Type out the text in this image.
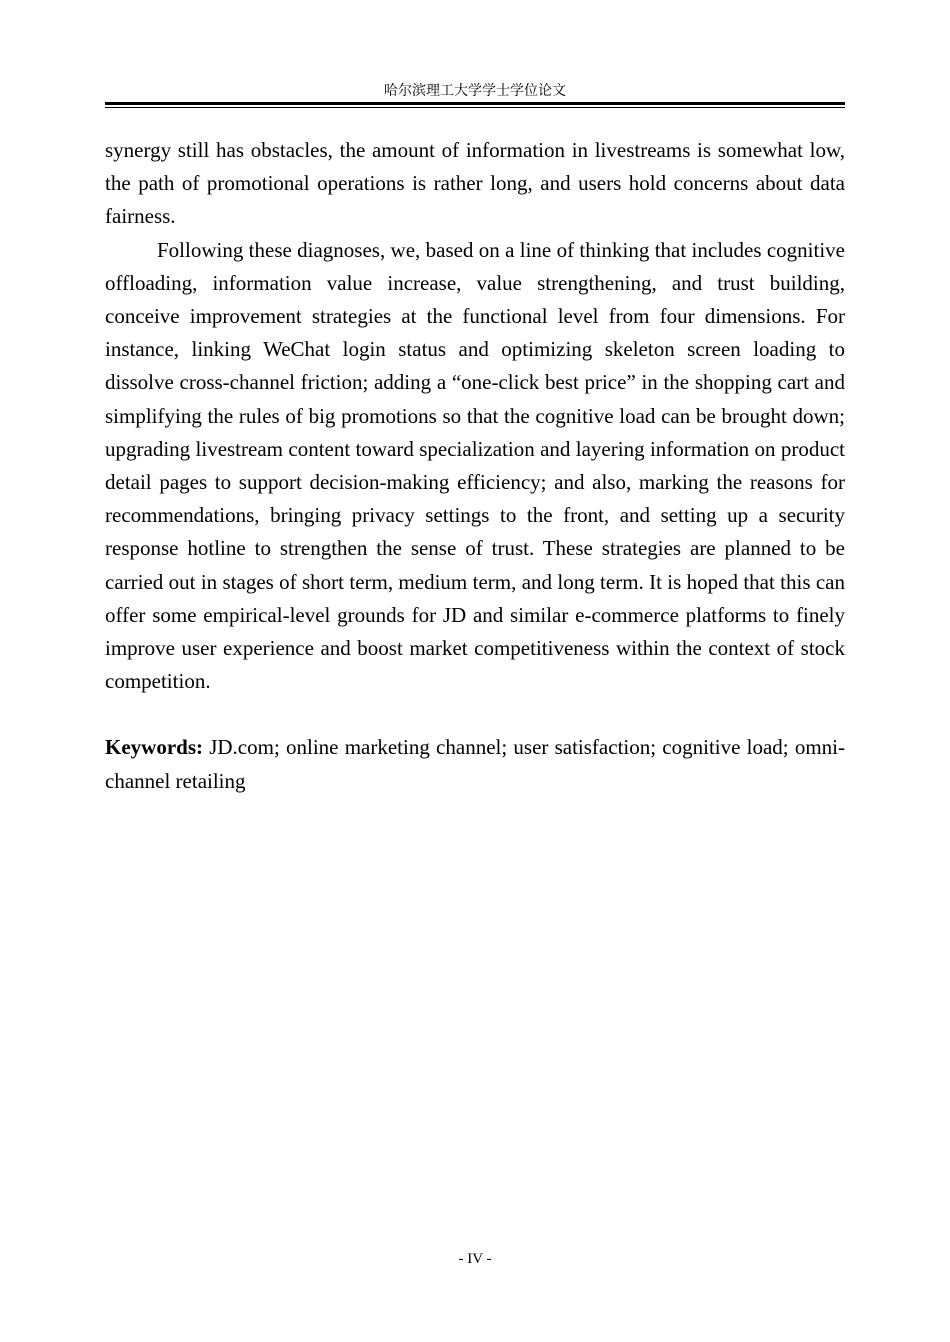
哈尔滨理工大学学士学位论文

synergy still has obstacles, the amount of information in livestreams is somewhat low, the path of promotional operations is rather long, and users hold concerns about data fairness.

Following these diagnoses, we, based on a line of thinking that includes cognitive offloading, information value increase, value strengthening, and trust building, conceive improvement strategies at the functional level from four dimensions. For instance, linking WeChat login status and optimizing skeleton screen loading to dissolve cross-channel friction; adding a “one-click best price” in the shopping cart and simplifying the rules of big promotions so that the cognitive load can be brought down; upgrading livestream content toward specialization and layering information on product detail pages to support decision-making efficiency; and also, marking the reasons for recommendations, bringing privacy settings to the front, and setting up a security response hotline to strengthen the sense of trust. These strategies are planned to be carried out in stages of short term, medium term, and long term. It is hoped that this can offer some empirical-level grounds for JD and similar e-commerce platforms to finely improve user experience and boost market competitiveness within the context of stock competition.

Keywords: JD.com; online marketing channel; user satisfaction; cognitive load; omni-channel retailing

- IV -
